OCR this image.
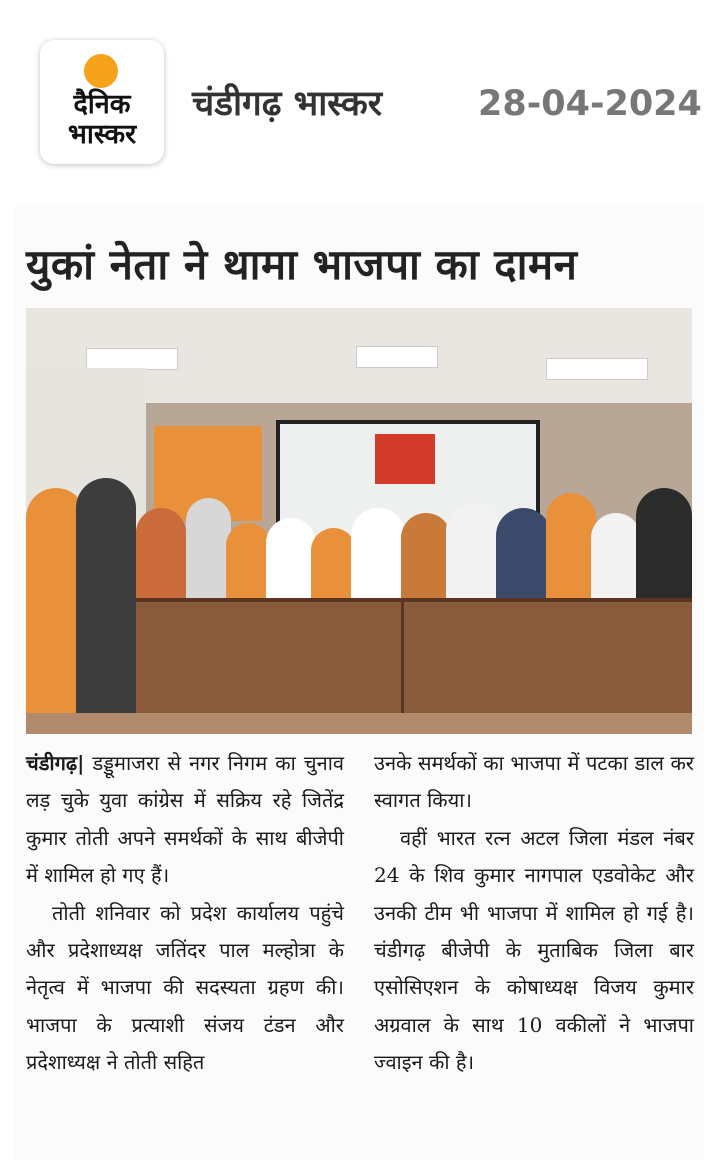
दैनिक
भास्कर
चंडीगढ़ भास्कर	28-04-2024
युकां नेता ने थामा भाजपा का दामन

चंडीगढ़| डड्डूमाजरा से नगर निगम का चुनाव लड़ चुके युवा कांग्रेस में सक्रिय रहे जितेंद्र कुमार तोती अपने समर्थकों के साथ बीजेपी में शामिल हो गए हैं।

तोती शनिवार को प्रदेश कार्यालय पहुंचे और प्रदेशाध्यक्ष जतिंदर पाल मल्होत्रा के नेतृत्व में भाजपा की सदस्यता ग्रहण की। भाजपा के प्रत्याशी संजय टंडन और प्रदेशाध्यक्ष ने तोती सहित

उनके समर्थकों का भाजपा में पटका डाल कर स्वागत किया।

वहीं भारत रत्न अटल जिला मंडल नंबर 24 के शिव कुमार नागपाल एडवोकेट और उनकी टीम भी भाजपा में शामिल हो गई है। चंडीगढ़ बीजेपी के मुताबिक जिला बार एसोसिएशन के कोषाध्यक्ष विजय कुमार अग्रवाल के साथ 10 वकीलों ने भाजपा ज्वाइन की है।
